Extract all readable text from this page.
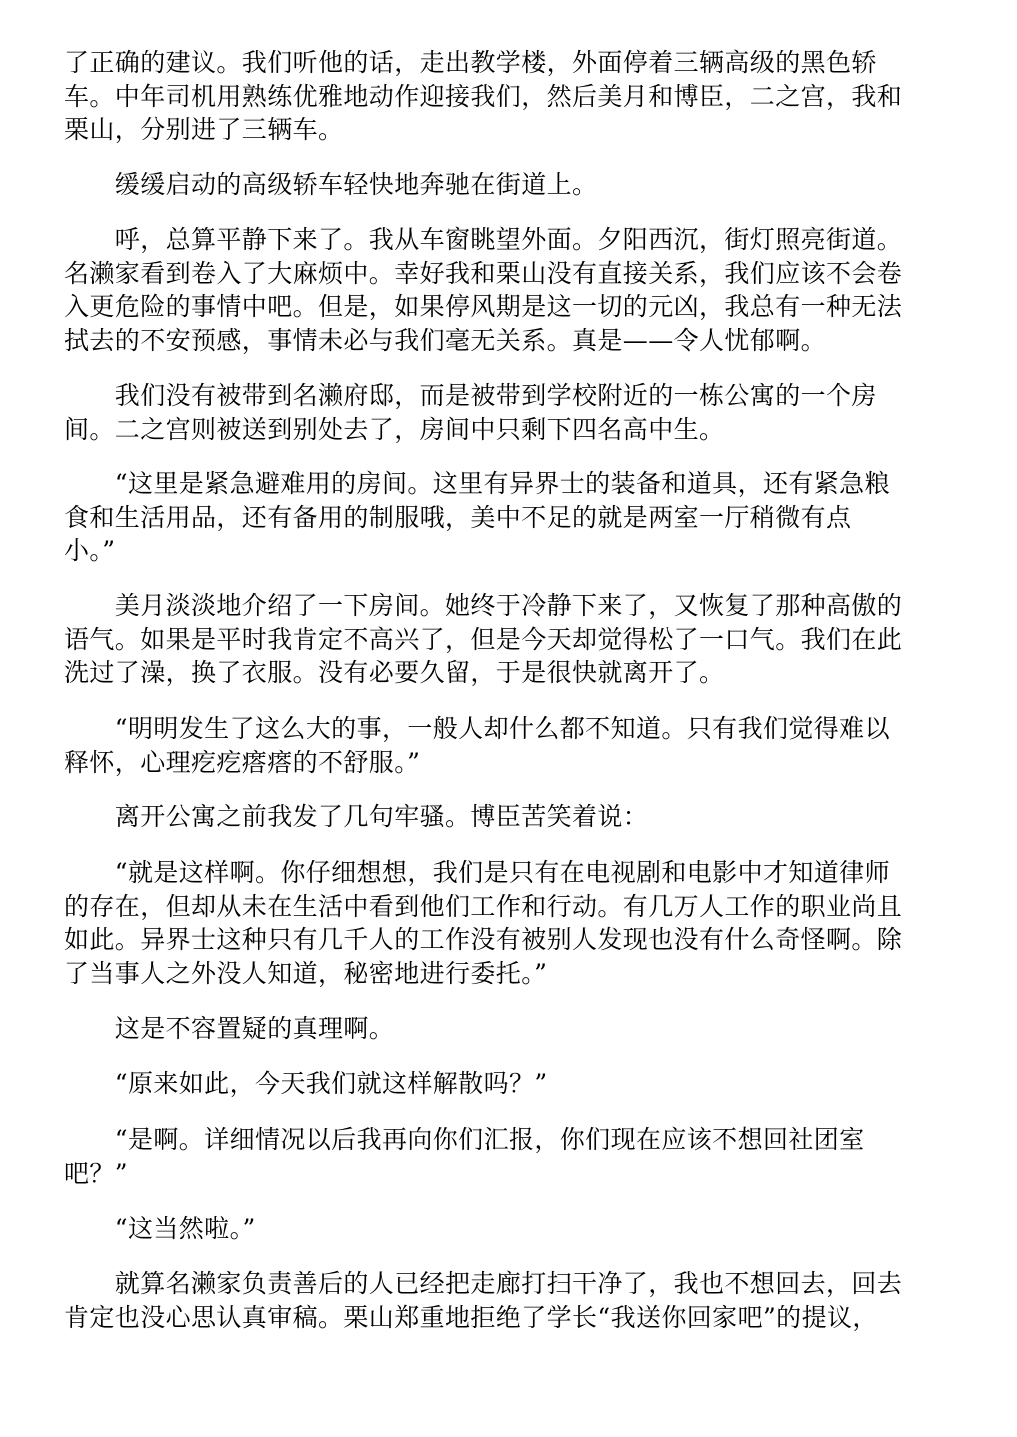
了正确的建议。我们听他的话，走出教学楼，外面停着三辆高级的黑色轿
车。中年司机用熟练优雅地动作迎接我们，然后美月和博臣，二之宫，我和
栗山，分别进了三辆车。

　　缓缓启动的高级轿车轻快地奔驰在街道上。

　　呼，总算平静下来了。我从车窗眺望外面。夕阳西沉，街灯照亮街道。
名濑家看到卷入了大麻烦中。幸好我和栗山没有直接关系，我们应该不会卷
入更危险的事情中吧。但是，如果停风期是这一切的元凶，我总有一种无法
拭去的不安预感，事情未必与我们毫无关系。真是——令人忧郁啊。

　　我们没有被带到名濑府邸，而是被带到学校附近的一栋公寓的一个房
间。二之宫则被送到别处去了，房间中只剩下四名高中生。

　　“这里是紧急避难用的房间。这里有异界士的装备和道具，还有紧急粮
食和生活用品，还有备用的制服哦，美中不足的就是两室一厅稍微有点
小。”

　　美月淡淡地介绍了一下房间。她终于冷静下来了，又恢复了那种高傲的
语气。如果是平时我肯定不高兴了，但是今天却觉得松了一口气。我们在此
洗过了澡，换了衣服。没有必要久留，于是很快就离开了。

　　“明明发生了这么大的事，一般人却什么都不知道。只有我们觉得难以
释怀，心理疙疙瘩瘩的不舒服。”

　　离开公寓之前我发了几句牢骚。博臣苦笑着说：

　　“就是这样啊。你仔细想想，我们是只有在电视剧和电影中才知道律师
的存在，但却从未在生活中看到他们工作和行动。有几万人工作的职业尚且
如此。异界士这种只有几千人的工作没有被别人发现也没有什么奇怪啊。除
了当事人之外没人知道，秘密地进行委托。”

　　这是不容置疑的真理啊。

　　“原来如此，今天我们就这样解散吗？”

　　“是啊。详细情况以后我再向你们汇报，你们现在应该不想回社团室
吧？”

　　“这当然啦。”

　　就算名濑家负责善后的人已经把走廊打扫干净了，我也不想回去，回去
肯定也没心思认真审稿。栗山郑重地拒绝了学长“我送你回家吧”的提议，
